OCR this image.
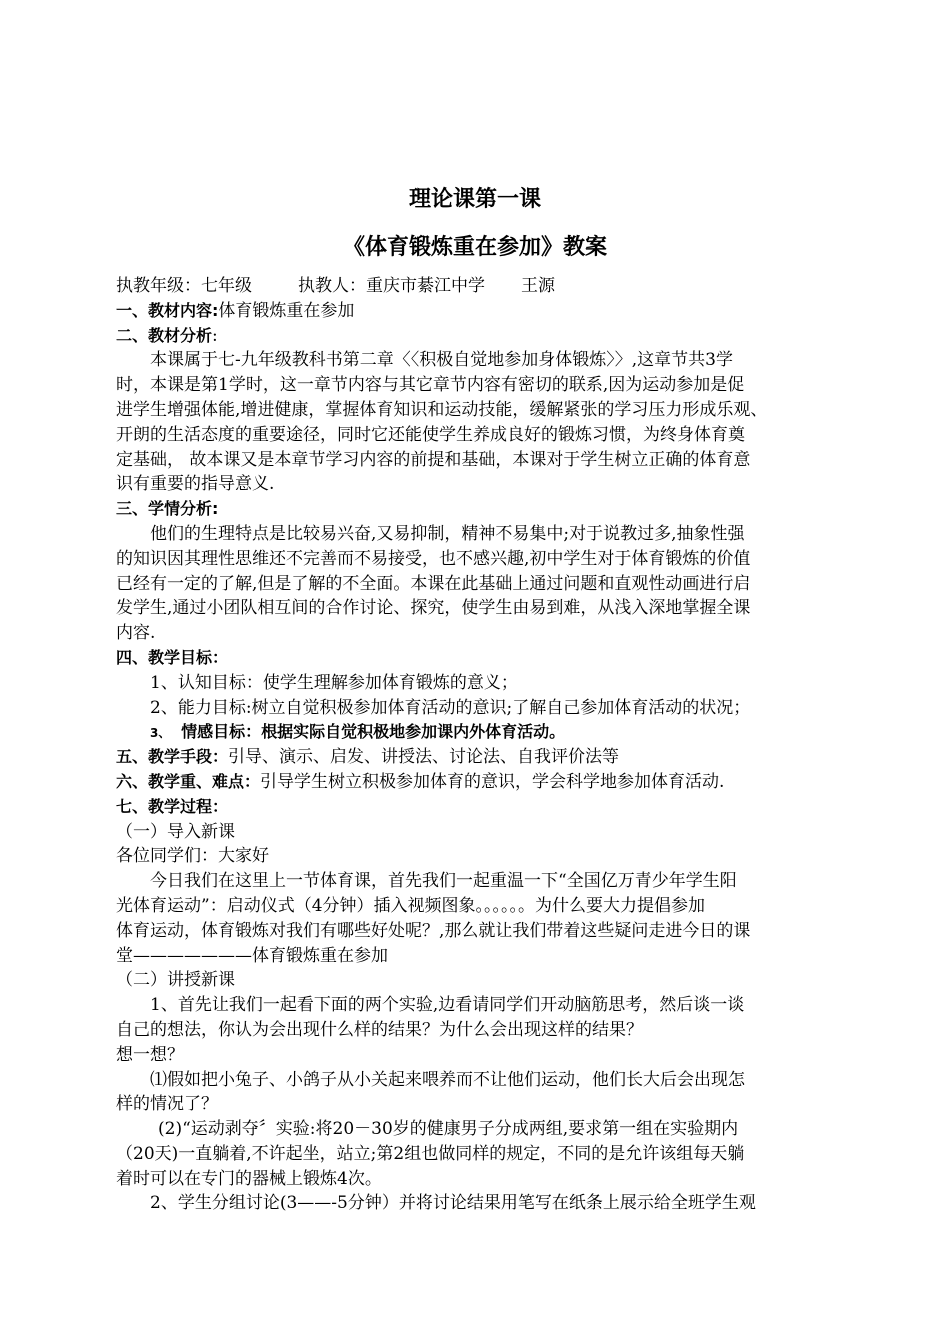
理论课第一课
《体育锻炼重在参加》教案
执教年级：七年级	执教人：重庆市綦江中学 王源
一、教材内容:体育锻炼重在参加
二、教材分析:
本课属于七-九年级教科书第二章〈〈积极自觉地参加身体锻炼〉〉,这章节共3学
时，本课是第1学时，这一章节内容与其它章节内容有密切的联系,因为运动参加是促
进学生增强体能,增进健康，掌握体育知识和运动技能，缓解紧张的学习压力形成乐观、
开朗的生活态度的重要途径，同时它还能使学生养成良好的锻炼习惯，为终身体育奠
定基础， 故本课又是本章节学习内容的前提和基础，本课对于学生树立正确的体育意
识有重要的指导意义.
三、学情分析:
他们的生理特点是比较易兴奋,又易抑制，精神不易集中;对于说教过多,抽象性强
的知识因其理性思维还不完善而不易接受，也不感兴趣,初中学生对于体育锻炼的价值
已经有一定的了解,但是了解的不全面。本课在此基础上通过问题和直观性动画进行启
发学生,通过小团队相互间的合作讨论、探究，使学生由易到难，从浅入深地掌握全课
内容.
四、教学目标：
1、认知目标：使学生理解参加体育锻炼的意义；
2、能力目标:树立自觉积极参加体育活动的意识;了解自己参加体育活动的状况；
3、 情感目标：根据实际自觉积极地参加课内外体育活动。
五、教学手段：引导、演示、启发、讲授法、讨论法、自我评价法等
六、教学重、难点：引导学生树立积极参加体育的意识，学会科学地参加体育活动.
七、教学过程：
（一）导入新课
各位同学们：大家好
今日我们在这里上一节体育课，首先我们一起重温一下“全国亿万青少年学生阳
光体育运动”：启动仪式（4分钟）插入视频图象。。。。。。为什么要大力提倡参加
体育运动，体育锻炼对我们有哪些好处呢？,那么就让我们带着这些疑问走进今日的课
堂———————体育锻炼重在参加
（二）讲授新课
1、首先让我们一起看下面的两个实验,边看请同学们开动脑筋思考，然后谈一谈
自己的想法，你认为会出现什么样的结果？为什么会出现这样的结果？
想一想？
⑴假如把小兔子、小鸽子从小关起来喂养而不让他们运动，他们长大后会出现怎
样的情况了？
(2)“运动剥夺〞实验:将20－30岁的健康男子分成两组,要求第一组在实验期内
（20天)一直躺着,不许起坐，站立;第2组也做同样的规定，不同的是允许该组每天躺
着时可以在专门的器械上锻炼4次。
2、学生分组讨论(3——-5分钟）并将讨论结果用笔写在纸条上展示给全班学生观
